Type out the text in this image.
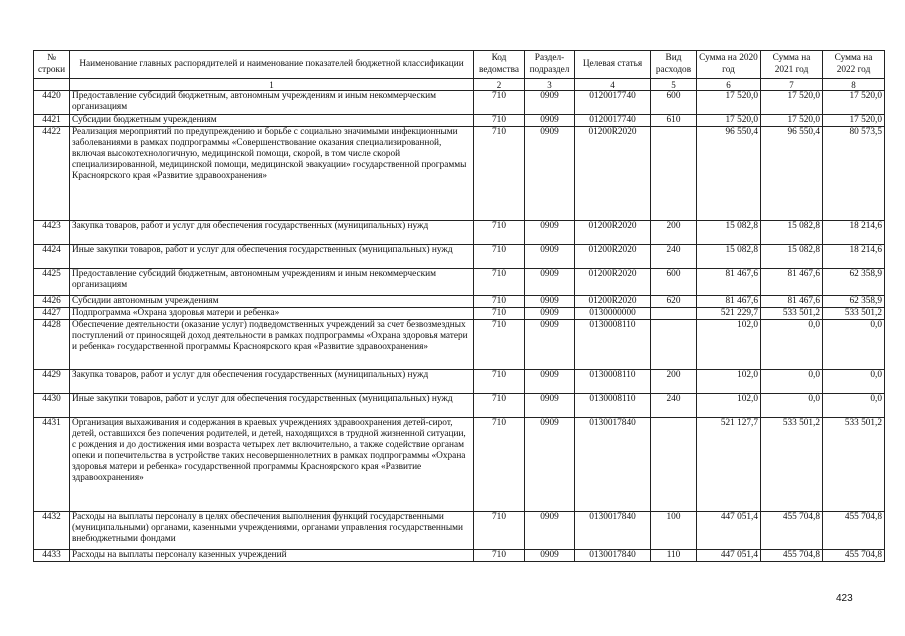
№ строки	Наименование главных распорядителей и наименование показателей бюджетной классификации	Код ведомства	Раздел-подраздел	Целевая статья	Вид расходов	Сумма на 2020 год	Сумма на 2021 год	Сумма на 2022 год
	1	2	3	4	5	6	7	8
4420	Предоставление субсидий бюджетным, автономным учреждениям и иным некоммерческим организациям	710	0909	0120017740	600	17 520,0	17 520,0	17 520,0
4421	Субсидии бюджетным учреждениям	710	0909	0120017740	610	17 520,0	17 520,0	17 520,0
4422	Реализация мероприятий по предупреждению и борьбе с социально значимыми инфекционными заболеваниями в рамках подпрограммы «Совершенствование оказания специализированной, включая высокотехнологичную, медицинской помощи, скорой, в том числе скорой специализированной, медицинской помощи, медицинской эвакуации» государственной программы Красноярского края «Развитие здравоохранения»	710	0909	01200R2020		96 550,4	96 550,4	80 573,5
4423	Закупка товаров, работ и услуг для обеспечения государственных (муниципальных) нужд	710	0909	01200R2020	200	15 082,8	15 082,8	18 214,6
4424	Иные закупки товаров, работ и услуг для обеспечения государственных (муниципальных) нужд	710	0909	01200R2020	240	15 082,8	15 082,8	18 214,6
4425	Предоставление субсидий бюджетным, автономным учреждениям и иным некоммерческим организациям	710	0909	01200R2020	600	81 467,6	81 467,6	62 358,9
4426	Субсидии автономным учреждениям	710	0909	01200R2020	620	81 467,6	81 467,6	62 358,9
4427	Подпрограмма «Охрана здоровья матери и ребенка»	710	0909	0130000000		521 229,7	533 501,2	533 501,2
4428	Обеспечение деятельности (оказание услуг) подведомственных учреждений за счет безвозмездных поступлений от приносящей доход деятельности в рамках подпрограммы «Охрана здоровья матери и ребенка» государственной программы Красноярского края «Развитие здравоохранения»	710	0909	0130008110		102,0	0,0	0,0
4429	Закупка товаров, работ и услуг для обеспечения государственных (муниципальных) нужд	710	0909	0130008110	200	102,0	0,0	0,0
4430	Иные закупки товаров, работ и услуг для обеспечения государственных (муниципальных) нужд	710	0909	0130008110	240	102,0	0,0	0,0
4431	Организация выхаживания и содержания в краевых учреждениях здравоохранения детей-сирот, детей, оставшихся без попечения родителей, и детей, находящихся в трудной жизненной ситуации, с рождения и до достижения ими возраста четырех лет включительно, а также содействие органам опеки и попечительства в устройстве таких несовершеннолетних в рамках подпрограммы «Охрана здоровья матери и ребенка» государственной программы Красноярского края «Развитие здравоохранения»	710	0909	0130017840		521 127,7	533 501,2	533 501,2
4432	Расходы на выплаты персоналу в целях обеспечения выполнения функций государственными (муниципальными) органами, казенными учреждениями, органами управления государственными внебюджетными фондами	710	0909	0130017840	100	447 051,4	455 704,8	455 704,8
4433	Расходы на выплаты персоналу казенных учреждений	710	0909	0130017840	110	447 051,4	455 704,8	455 704,8
423
